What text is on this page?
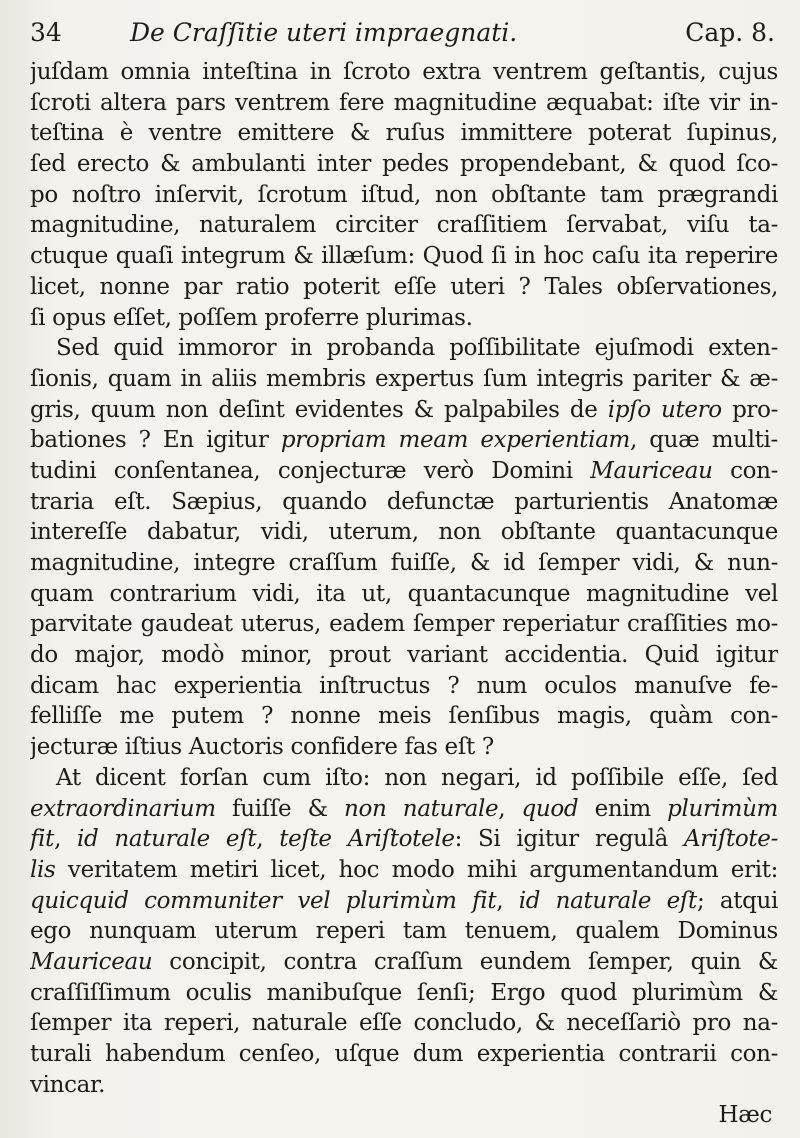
34	De Craſſitie uteri impraegnati.	Cap. 8.
juſdam omnia inteſtina in ſcroto extra ventrem geſtantis, cujus
ſcroti altera pars ventrem fere magnitudine æquabat: iſte vir in-
teſtina è ventre emittere & ruſus immittere poterat ſupinus,
ſed erecto & ambulanti inter pedes propendebant, & quod ſco-
po noſtro inſervit, ſcrotum iſtud, non obſtante tam prægrandi
magnitudine, naturalem circiter craſſitiem ſervabat, viſu ta-
ctuque quaſi integrum & illæſum: Quod ſi in hoc caſu ita reperire
licet, nonne par ratio poterit eſſe uteri ? Tales obſervationes,
ſi opus eſſet, poſſem proferre plurimas.
Sed quid immoror in probanda poſſibilitate ejuſmodi exten-
ſionis, quam in aliis membris expertus ſum integris pariter & æ-
gris, quum non deſint evidentes & palpabiles de ipſo utero pro-
bationes ? En igitur propriam meam experientiam, quæ multi-
tudini conſentanea, conjecturæ verò Domini Mauriceau con-
traria eſt. Sæpius, quando defunctæ parturientis Anatomæ
intereſſe dabatur, vidi, uterum, non obſtante quantacunque
magnitudine, integre craſſum fuiſſe, & id ſemper vidi, & nun-
quam contrarium vidi, ita ut, quantacunque magnitudine vel
parvitate gaudeat uterus, eadem ſemper reperiatur craſſities mo-
do major, modò minor, prout variant accidentia. Quid igitur
dicam hac experientia inſtructus ? num oculos manuſve fe-
felliſſe me putem ? nonne meis ſenſibus magis, quàm con-
jecturæ iſtius Auctoris confidere fas eſt ?
At dicent forſan cum iſto: non negari, id poſſibile eſſe, ſed
extraordinarium fuiſſe & non naturale, quod enim plurimùm
fit, id naturale eſt, teſte Ariſtotele: Si igitur regulâ Ariſtote-
lis veritatem metiri licet, hoc modo mihi argumentandum erit:
quicquid communiter vel plurimùm fit, id naturale eſt; atqui
ego nunquam uterum reperi tam tenuem, qualem Dominus
Mauriceau concipit, contra craſſum eundem ſemper, quin &
craſſiſſimum oculis manibuſque ſenſi; Ergo quod plurimùm &
ſemper ita reperi, naturale eſſe concludo, & neceſſariò pro na-
turali habendum cenſeo, uſque dum experientia contrarii con-
vincar.
Hæc
